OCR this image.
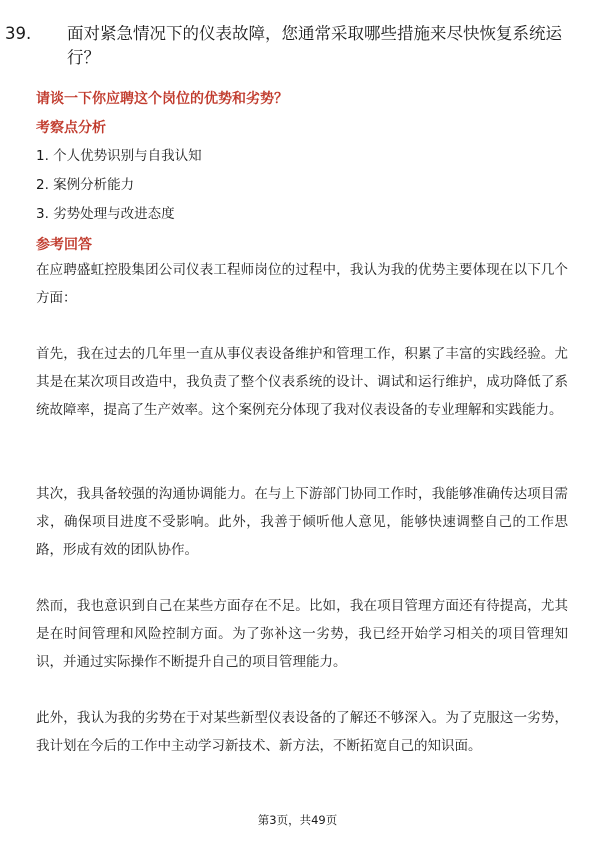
39. 面对紧急情况下的仪表故障，您通常采取哪些措施来尽快恢复系统运行？
请谈一下你应聘这个岗位的优势和劣势？
考察点分析
1. 个人优势识别与自我认知
2. 案例分析能力
3. 劣势处理与改进态度
参考回答
在应聘盛虹控股集团公司仪表工程师岗位的过程中，我认为我的优势主要体现在以下几个方面：
首先，我在过去的几年里一直从事仪表设备维护和管理工作，积累了丰富的实践经验。尤其是在某次项目改造中，我负责了整个仪表系统的设计、调试和运行维护，成功降低了系统故障率，提高了生产效率。这个案例充分体现了我对仪表设备的专业理解和实践能力。
其次，我具备较强的沟通协调能力。在与上下游部门协同工作时，我能够准确传达项目需求，确保项目进度不受影响。此外，我善于倾听他人意见，能够快速调整自己的工作思路，形成有效的团队协作。
然而，我也意识到自己在某些方面存在不足。比如，我在项目管理方面还有待提高，尤其是在时间管理和风险控制方面。为了弥补这一劣势，我已经开始学习相关的项目管理知识，并通过实际操作不断提升自己的项目管理能力。
此外，我认为我的劣势在于对某些新型仪表设备的了解还不够深入。为了克服这一劣势，我计划在今后的工作中主动学习新技术、新方法，不断拓宽自己的知识面。
第3页，共49页
